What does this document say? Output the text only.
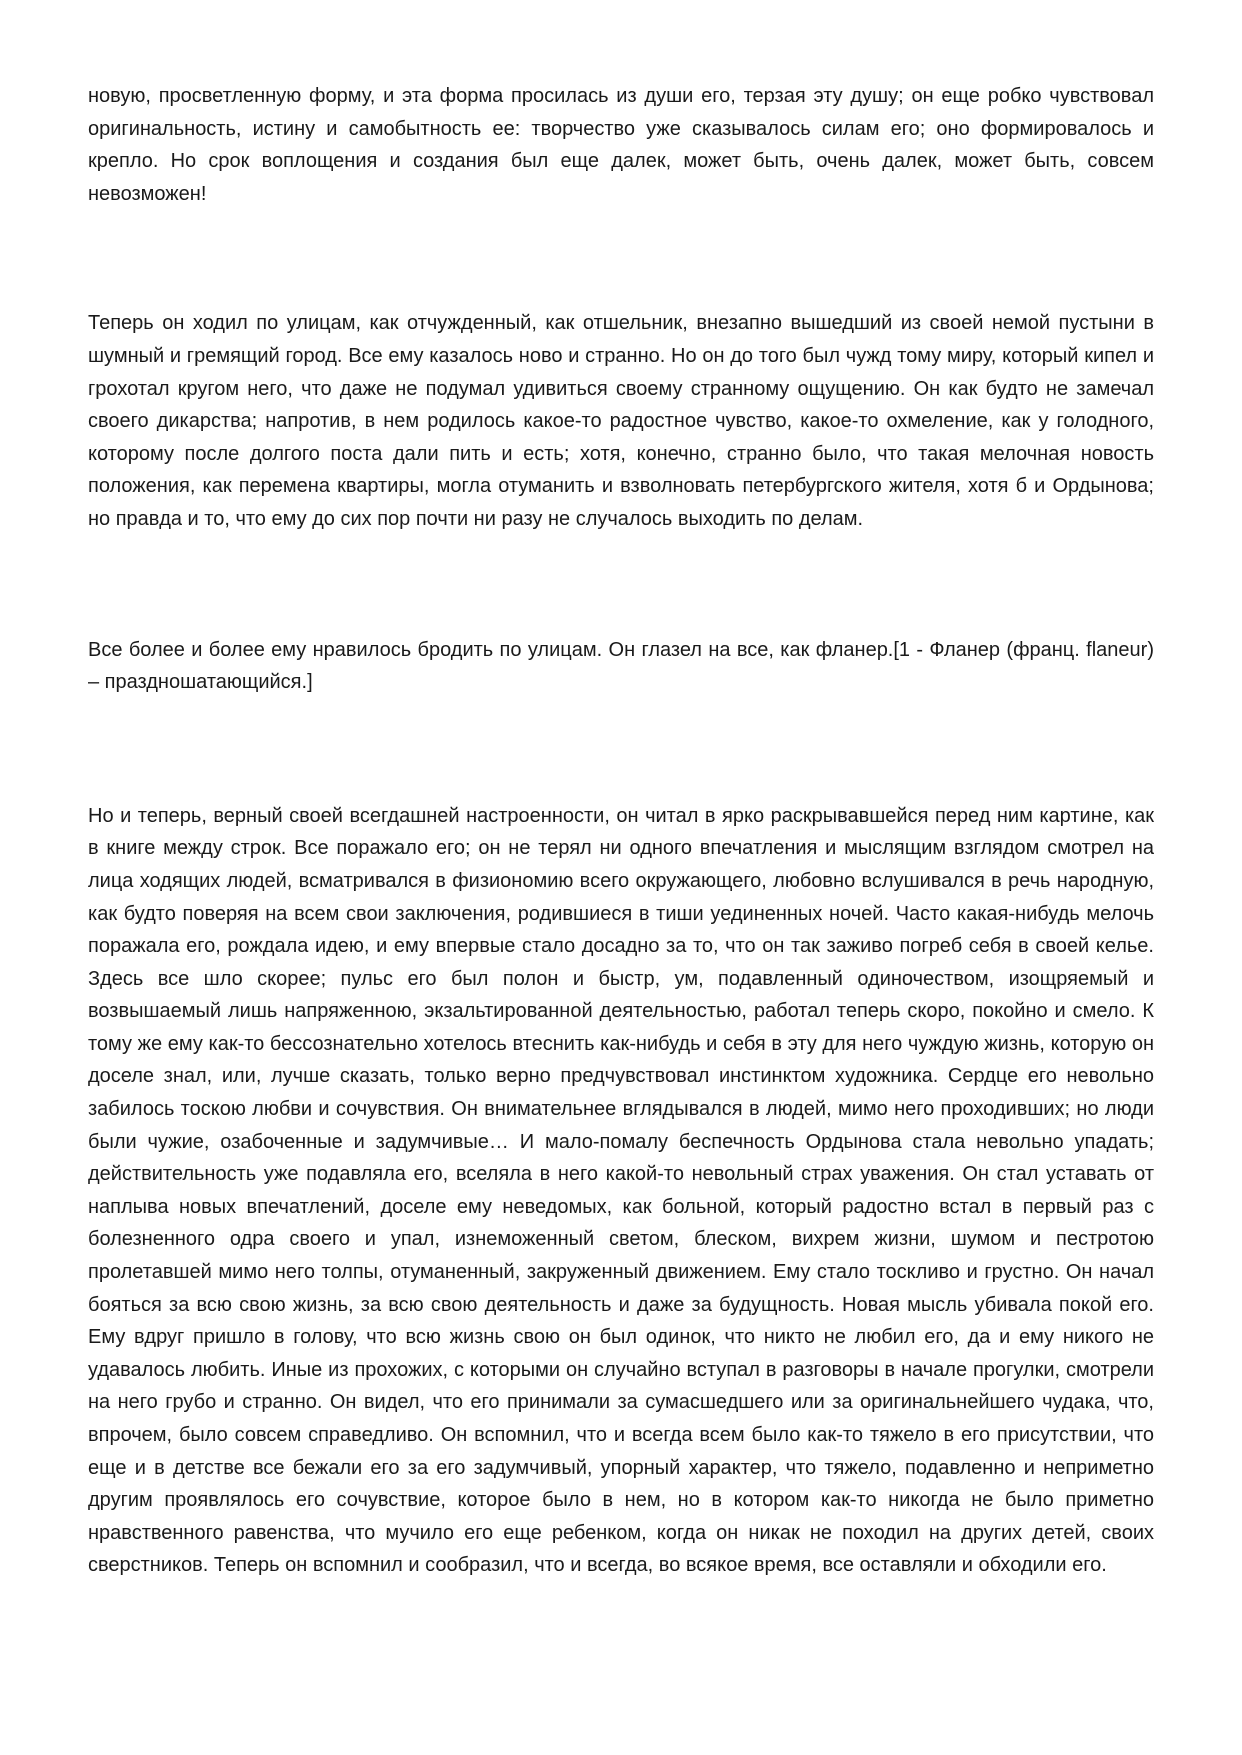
новую, просветленную форму, и эта форма просилась из души его, терзая эту душу; он еще робко чувствовал оригинальность, истину и самобытность ее: творчество уже сказывалось силам его; оно формировалось и крепло. Но срок воплощения и создания был еще далек, может быть, очень далек, может быть, совсем невозможен!

Теперь он ходил по улицам, как отчужденный, как отшельник, внезапно вышедший из своей немой пустыни в шумный и гремящий город. Все ему казалось ново и странно. Но он до того был чужд тому миру, который кипел и грохотал кругом него, что даже не подумал удивиться своему странному ощущению. Он как будто не замечал своего дикарства; напротив, в нем родилось какое-то радостное чувство, какое-то охмеление, как у голодного, которому после долгого поста дали пить и есть; хотя, конечно, странно было, что такая мелочная новость положения, как перемена квартиры, могла отуманить и взволновать петербургского жителя, хотя б и Ордынова; но правда и то, что ему до сих пор почти ни разу не случалось выходить по делам.

Все более и более ему нравилось бродить по улицам. Он глазел на все, как фланер.[1 - Фланер (франц. flaneur) – праздношатающийся.]

Но и теперь, верный своей всегдашней настроенности, он читал в ярко раскрывавшейся перед ним картине, как в книге между строк. Все поражало его; он не терял ни одного впечатления и мыслящим взглядом смотрел на лица ходящих людей, всматривался в физиономию всего окружающего, любовно вслушивался в речь народную, как будто поверяя на всем свои заключения, родившиеся в тиши уединенных ночей. Часто какая-нибудь мелочь поражала его, рождала идею, и ему впервые стало досадно за то, что он так заживо погреб себя в своей келье. Здесь все шло скорее; пульс его был полон и быстр, ум, подавленный одиночеством, изощряемый и возвышаемый лишь напряженною, экзальтированной деятельностью, работал теперь скоро, покойно и смело. К тому же ему как-то бессознательно хотелось втеснить как-нибудь и себя в эту для него чуждую жизнь, которую он доселе знал, или, лучше сказать, только верно предчувствовал инстинктом художника. Сердце его невольно забилось тоскою любви и сочувствия. Он внимательнее вглядывался в людей, мимо него проходивших; но люди были чужие, озабоченные и задумчивые… И мало-помалу беспечность Ордынова стала невольно упадать; действительность уже подавляла его, вселяла в него какой-то невольный страх уважения. Он стал уставать от наплыва новых впечатлений, доселе ему неведомых, как больной, который радостно встал в первый раз с болезненного одра своего и упал, изнеможенный светом, блеском, вихрем жизни, шумом и пестротою пролетавшей мимо него толпы, отуманенный, закруженный движением. Ему стало тоскливо и грустно. Он начал бояться за всю свою жизнь, за всю свою деятельность и даже за будущность. Новая мысль убивала покой его. Ему вдруг пришло в голову, что всю жизнь свою он был одинок, что никто не любил его, да и ему никого не удавалось любить. Иные из прохожих, с которыми он случайно вступал в разговоры в начале прогулки, смотрели на него грубо и странно. Он видел, что его принимали за сумасшедшего или за оригинальнейшего чудака, что, впрочем, было совсем справедливо. Он вспомнил, что и всегда всем было как-то тяжело в его присутствии, что еще и в детстве все бежали его за его задумчивый, упорный характер, что тяжело, подавленно и неприметно другим проявлялось его сочувствие, которое было в нем, но в котором как-то никогда не было приметно нравственного равенства, что мучило его еще ребенком, когда он никак не походил на других детей, своих сверстников. Теперь он вспомнил и сообразил, что и всегда, во всякое время, все оставляли и обходили его.
